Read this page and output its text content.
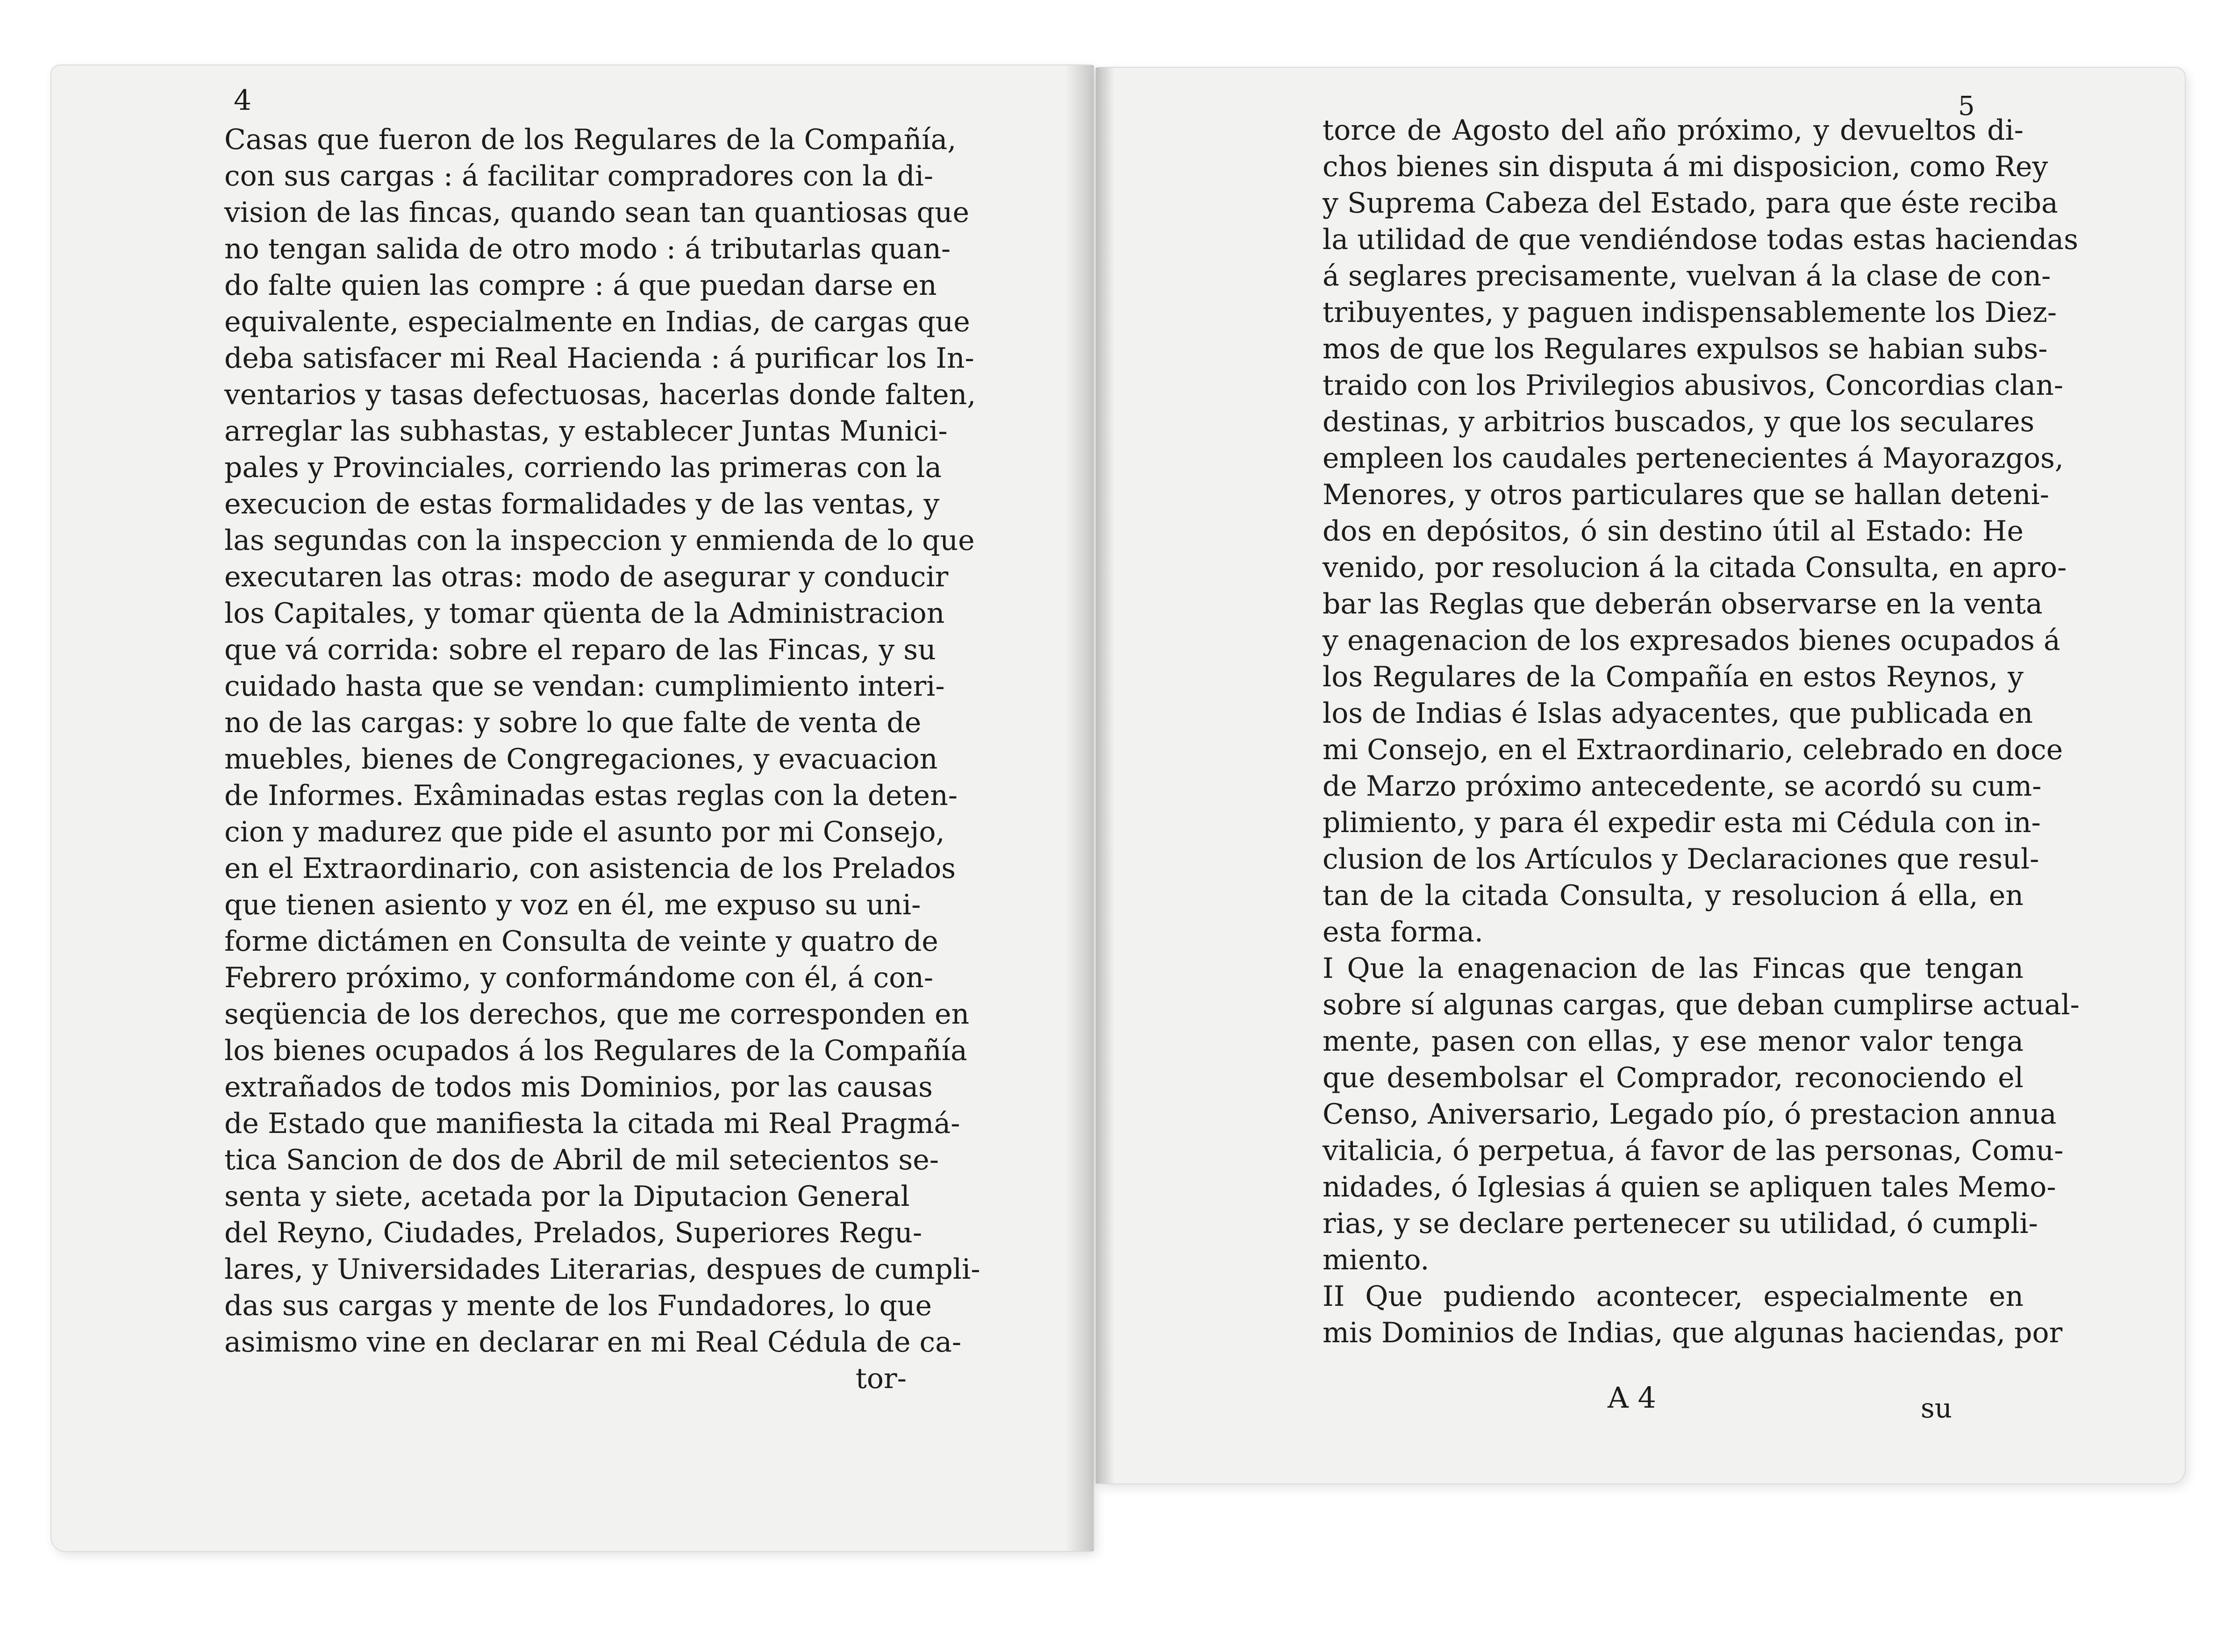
4
Casas que fueron de los Regulares de la Compañía,
con sus cargas : á facilitar compradores con la di-
vision de las fincas, quando sean tan quantiosas que
no tengan salida de otro modo : á tributarlas quan-
do falte quien las compre : á que puedan darse en
equivalente, especialmente en Indias, de cargas que
deba satisfacer mi Real Hacienda : á purificar los In-
ventarios y tasas defectuosas, hacerlas donde falten,
arreglar las subhastas, y establecer Juntas Munici-
pales y Provinciales, corriendo las primeras con la
execucion de estas formalidades y de las ventas, y
las segundas con la inspeccion y enmienda de lo que
executaren las otras: modo de asegurar y conducir
los Capitales, y tomar qüenta de la Administracion
que vá corrida: sobre el reparo de las Fincas, y su
cuidado hasta que se vendan: cumplimiento interi-
no de las cargas: y sobre lo que falte de venta de
muebles, bienes de Congregaciones, y evacuacion
de Informes. Exâminadas estas reglas con la deten-
cion y madurez que pide el asunto por mi Consejo,
en el Extraordinario, con asistencia de los Prelados
que tienen asiento y voz en él, me expuso su uni-
forme dictámen en Consulta de veinte y quatro de
Febrero próximo, y conformándome con él, á con-
seqüencia de los derechos, que me corresponden en
los bienes ocupados á los Regulares de la Compañía
extrañados de todos mis Dominios, por las causas
de Estado que manifiesta la citada mi Real Pragmá-
tica Sancion de dos de Abril de mil setecientos se-
senta y siete, acetada por la Diputacion General
del Reyno, Ciudades, Prelados, Superiores Regu-
lares, y Universidades Literarias, despues de cumpli-
das sus cargas y mente de los Fundadores, lo que
asimismo vine en declarar en mi Real Cédula de ca-
tor-
5
torce de Agosto del año próximo, y devueltos di-
chos bienes sin disputa á mi disposicion, como Rey
y Suprema Cabeza del Estado, para que éste reciba
la utilidad de que vendiéndose todas estas haciendas
á seglares precisamente, vuelvan á la clase de con-
tribuyentes, y paguen indispensablemente los Diez-
mos de que los Regulares expulsos se habian subs-
traido con los Privilegios abusivos, Concordias clan-
destinas, y arbitrios buscados, y que los seculares
empleen los caudales pertenecientes á Mayorazgos,
Menores, y otros particulares que se hallan deteni-
dos en depósitos, ó sin destino útil al Estado: He
venido, por resolucion á la citada Consulta, en apro-
bar las Reglas que deberán observarse en la venta
y enagenacion de los expresados bienes ocupados á
los Regulares de la Compañía en estos Reynos, y
los de Indias é Islas adyacentes, que publicada en
mi Consejo, en el Extraordinario, celebrado en doce
de Marzo próximo antecedente, se acordó su cum-
plimiento, y para él expedir esta mi Cédula con in-
clusion de los Artículos y Declaraciones que resul-
tan de la citada Consulta, y resolucion á ella, en
esta forma.
I Que la enagenacion de las Fincas que tengan
sobre sí algunas cargas, que deban cumplirse actual-
mente, pasen con ellas, y ese menor valor tenga
que desembolsar el Comprador, reconociendo el
Censo, Aniversario, Legado pío, ó prestacion annua
vitalicia, ó perpetua, á favor de las personas, Comu-
nidades, ó Iglesias á quien se apliquen tales Memo-
rias, y se declare pertenecer su utilidad, ó cumpli-
miento.
II Que pudiendo acontecer, especialmente en
mis Dominios de Indias, que algunas haciendas, por
A 4	su
